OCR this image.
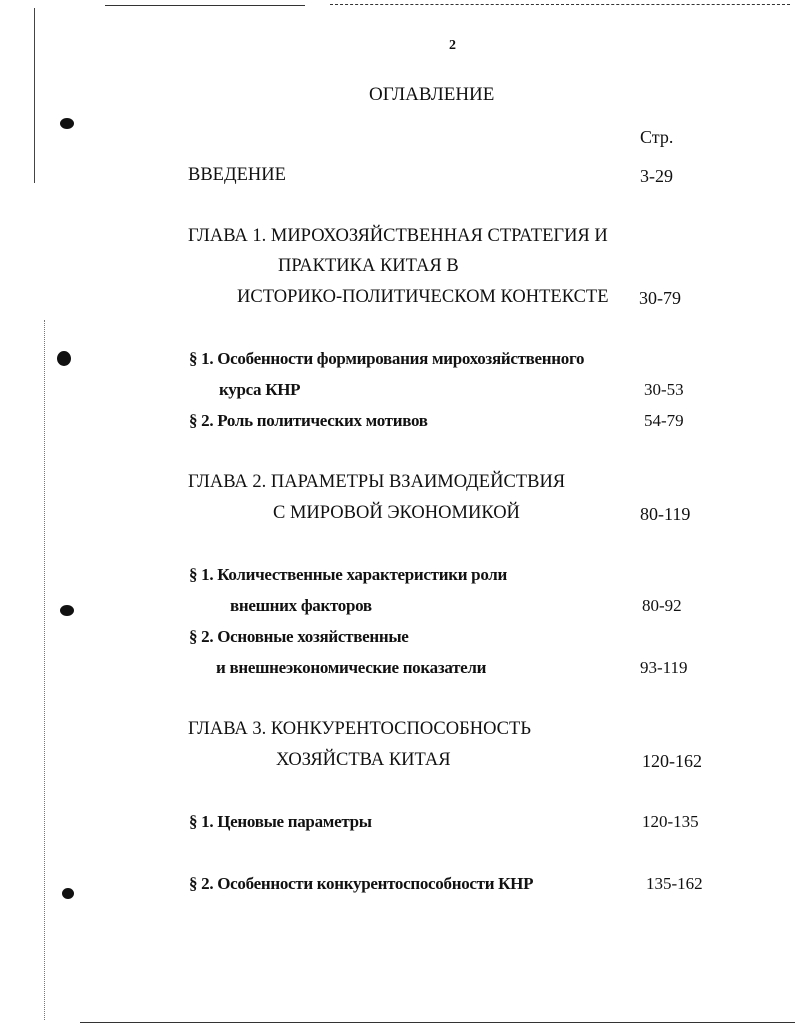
2
ОГЛАВЛЕНИЕ
Стр.
ВВЕДЕНИЕ	3-29
ГЛАВА 1. МИРОХОЗЯЙСТВЕННАЯ СТРАТЕГИЯ И
ПРАКТИКА КИТАЯ В
ИСТОРИКО-ПОЛИТИЧЕСКОМ КОНТЕКСТЕ 30-79
§ 1. Особенности формирования мирохозяйственного
курса КНР	30-53
§ 2. Роль политических мотивов	54-79
ГЛАВА 2. ПАРАМЕТРЫ ВЗАИМОДЕЙСТВИЯ
С МИРОВОЙ ЭКОНОМИКОЙ	80-119
§ 1. Количественные характеристики роли
внешних факторов	80-92
§ 2. Основные хозяйственные
и внешнеэкономические показатели	93-119
ГЛАВА 3. КОНКУРЕНТОСПОСОБНОСТЬ
ХОЗЯЙСТВА КИТАЯ	120-162
§ 1. Ценовые параметры	120-135
§ 2. Особенности конкурентоспособности КНР	135-162
